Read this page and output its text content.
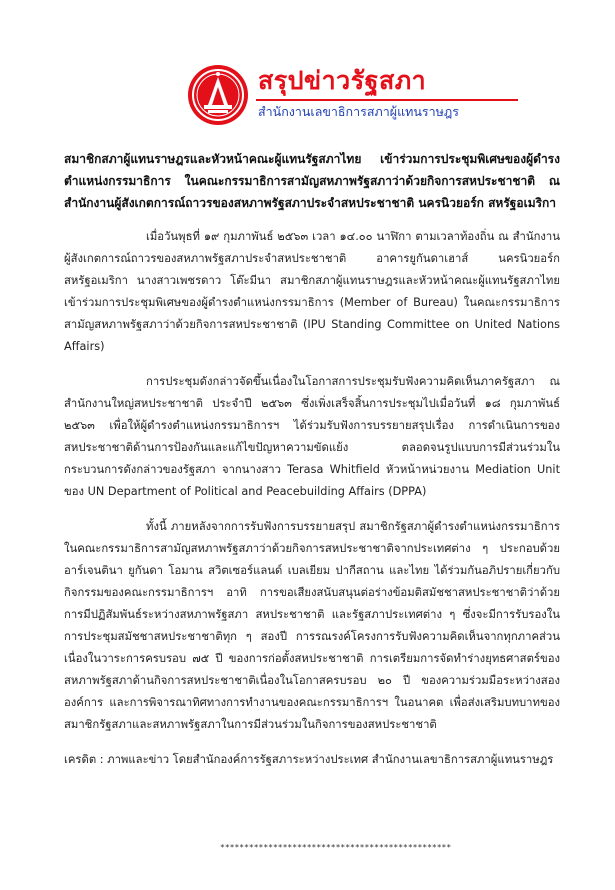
สรุปข่าวรัฐสภา
สำนักงานเลขาธิการสภาผู้แทนราษฎร

สมาชิกสภาผู้แทนราษฎรและหัวหน้าคณะผู้แทนรัฐสภาไทย เข้าร่วมการประชุมพิเศษของผู้ดำรงตำแหน่งกรรมาธิการ ในคณะกรรมาธิการสามัญสหภาพรัฐสภาว่าด้วยกิจการสหประชาชาติ ณ สำนักงานผู้สังเกตการณ์ถาวรของสหภาพรัฐสภาประจำสหประชาชาติ นครนิวยอร์ก สหรัฐอเมริกา

เมื่อวันพุธที่ ๑๙ กุมภาพันธ์ ๒๕๖๓ เวลา ๑๔.๐๐ นาฬิกา ตามเวลาท้องถิ่น ณ สำนักงานผู้สังเกตการณ์ถาวรของสหภาพรัฐสภาประจำสหประชาชาติ อาคารยูกันดาเฮาส์ นครนิวยอร์ก สหรัฐอเมริกา นางสาวเพชรดาว โต๊ะมีนา สมาชิกสภาผู้แทนราษฎรและหัวหน้าคณะผู้แทนรัฐสภาไทย เข้าร่วมการประชุมพิเศษของผู้ดำรงตำแหน่งกรรมาธิการ (Member of Bureau) ในคณะกรรมาธิการสามัญสหภาพรัฐสภาว่าด้วยกิจการสหประชาชาติ (IPU Standing Committee on United Nations Affairs)

การประชุมดังกล่าวจัดขึ้นเนื่องในโอกาสการประชุมรับฟังความคิดเห็นภาครัฐสภา ณ สำนักงานใหญ่สหประชาชาติ ประจำปี ๒๕๖๓ ซึ่งเพิ่งเสร็จสิ้นการประชุมไปเมื่อวันที่ ๑๘ กุมภาพันธ์ ๒๕๖๓ เพื่อให้ผู้ดำรงตำแหน่งกรรมาธิการฯ ได้ร่วมรับฟังการบรรยายสรุปเรื่อง การดำเนินการของสหประชาชาติด้านการป้องกันและแก้ไขปัญหาความขัดแย้ง ตลอดจนรูปแบบการมีส่วนร่วมในกระบวนการดังกล่าวของรัฐสภา จากนางสาว Terasa Whitfield หัวหน้าหน่วยงาน Mediation Unit ของ UN Department of Political and Peacebuilding Affairs (DPPA)

ทั้งนี้ ภายหลังจากการรับฟังการบรรยายสรุป สมาชิกรัฐสภาผู้ดำรงตำแหน่งกรรมาธิการในคณะกรรมาธิการสามัญสหภาพรัฐสภาว่าด้วยกิจการสหประชาชาติจากประเทศต่าง ๆ ประกอบด้วย อาร์เจนตินา ยูกันดา โอมาน สวิตเซอร์แลนด์ เบลเยียม ปากีสถาน และไทย ได้ร่วมกันอภิปรายเกี่ยวกับกิจกรรมของคณะกรรมาธิการฯ อาทิ การขอเสียงสนับสนุนต่อร่างข้อมติสมัชชาสหประชาชาติว่าด้วยการมีปฏิสัมพันธ์ระหว่างสหภาพรัฐสภา สหประชาชาติ และรัฐสภาประเทศต่าง ๆ ซึ่งจะมีการรับรองในการประชุมสมัชชาสหประชาชาติทุก ๆ สองปี การรณรงค์โครงการรับฟังความคิดเห็นจากทุกภาคส่วนเนื่องในวาระการครบรอบ ๗๕ ปี ของการก่อตั้งสหประชาชาติ การเตรียมการจัดทำร่างยุทธศาสตร์ของสหภาพรัฐสภาด้านกิจการสหประชาชาติเนื่องในโอกาสครบรอบ ๒๐ ปี ของความร่วมมือระหว่างสององค์การ และการพิจารณาทิศทางการทำงานของคณะกรรมาธิการฯ ในอนาคต เพื่อส่งเสริมบทบาทของสมาชิกรัฐสภาและสหภาพรัฐสภาในการมีส่วนร่วมในกิจการของสหประชาชาติ

เครดิต : ภาพและข่าว โดยสำนักองค์การรัฐสภาระหว่างประเทศ สำนักงานเลขาธิการสภาผู้แทนราษฎร

************************************************
